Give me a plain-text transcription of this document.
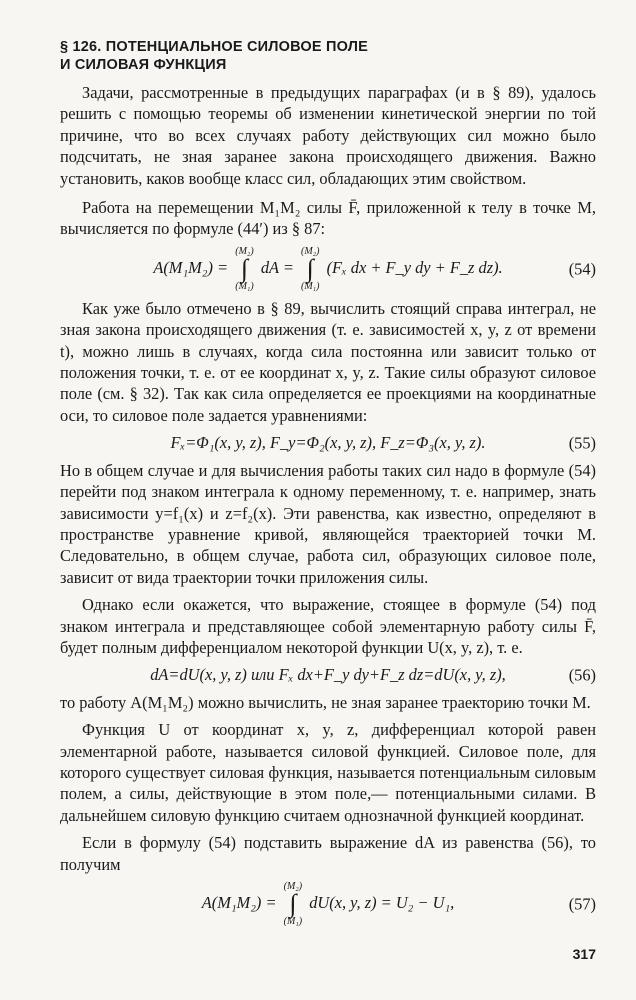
§ 126. ПОТЕНЦИАЛЬНОЕ СИЛОВОЕ ПОЛЕ
И СИЛОВАЯ ФУНКЦИЯ

Задачи, рассмотренные в предыдущих параграфах (и в § 89), удалось решить с помощью теоремы об изменении кинетической энергии по той причине, что во всех случаях работу действующих сил можно было подсчитать, не зная заранее закона происходящего движения. Важно установить, каков вообще класс сил, обладающих этим свойством.

Работа на перемещении M₁M₂ силы F̄, приложенной к телу в точке M, вычисляется по формуле (44′) из § 87:

A(M₁M₂) =
(M₂)
∫
(M₁)
dA =
(M₂)
∫
(M₁)
(Fₓ dx + F_y dy + F_z dz).	(54)

Как уже было отмечено в § 89, вычислить стоящий справа интеграл, не зная закона происходящего движения (т. е. зависимостей x, y, z от времени t), можно лишь в случаях, когда сила постоянна или зависит только от положения точки, т. е. от ее координат x, y, z. Такие силы образуют силовое поле (см. § 32). Так как сила определяется ее проекциями на координатные оси, то силовое поле задается уравнениями:

Fₓ=Φ₁(x, y, z), F_y=Φ₂(x, y, z), F_z=Φ₃(x, y, z).	(55)

Но в общем случае и для вычисления работы таких сил надо в формуле (54) перейти под знаком интеграла к одному переменному, т. е. например, знать зависимости y=f₁(x) и z=f₂(x). Эти равенства, как известно, определяют в пространстве уравнение кривой, являющейся траекторией точки M. Следовательно, в общем случае, работа сил, образующих силовое поле, зависит от вида траектории точки приложения силы.

Однако если окажется, что выражение, стоящее в формуле (54) под знаком интеграла и представляющее собой элементарную работу силы F̄, будет полным дифференциалом некоторой функции U(x, y, z), т. е.

dA=dU(x, y, z) или Fₓ dx+F_y dy+F_z dz=dU(x, y, z),	(56)

то работу A(M₁M₂) можно вычислить, не зная заранее траекторию точки M.

Функция U от координат x, y, z, дифференциал которой равен элементарной работе, называется силовой функцией. Силовое поле, для которого существует силовая функция, называется потенциальным силовым полем, а силы, действующие в этом поле,— потенциальными силами. В дальнейшем силовую функцию считаем однозначной функцией координат.

Если в формулу (54) подставить выражение dA из равенства (56), то получим

A(M₁M₂) =
(M₂)
∫
(M₁)
dU(x, y, z) = U₂ − U₁,	(57)
317
